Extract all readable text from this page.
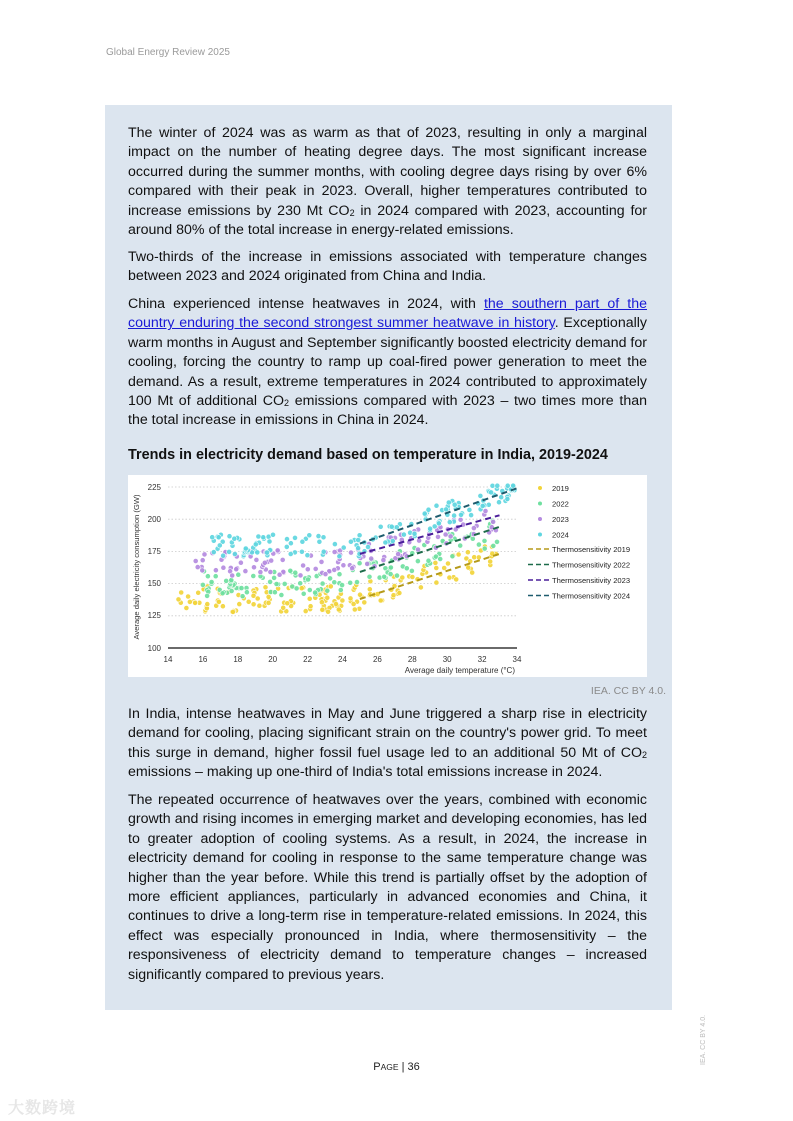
Global Energy Review 2025

The winter of 2024 was as warm as that of 2023, resulting in only a marginal impact on the number of heating degree days. The most significant increase occurred during the summer months, with cooling degree days rising by over 6% compared with their peak in 2023. Overall, higher temperatures contributed to increase emissions by 230 Mt $CO_2$ in 2024 compared with 2023, accounting for around 80% of the total increase in energy-related emissions.

Two-thirds of the increase in emissions associated with temperature changes between 2023 and 2024 originated from China and India.

China experienced intense heatwaves in 2024, with the southern part of the country enduring the second strongest summer heatwave in history. Exceptionally warm months in August and September significantly boosted electricity demand for cooling, forcing the country to ramp up coal-fired power generation to meet the demand. As a result, extreme temperatures in 2024 contributed to approximately 100 Mt of additional $CO_2$ emissions compared with 2023 – two times more than the total increase in emissions in China in 2024.

Trends in electricity demand based on temperature in India, 2019-2024
225
200
175
150
125
100
14	16	18	20	22	24	26	28	30	32	34
Average daily temperature (°C)
Average daily electricity consumption (GW)
2019
2022
2023
2024
Thermosensitivity 2019
Thermosensitivity 2022
Thermosensitivity 2023
Thermosensitivity 2024
IEA. CC BY 4.0.

In India, intense heatwaves in May and June triggered a sharp rise in electricity demand for cooling, placing significant strain on the country's power grid. To meet this surge in demand, higher fossil fuel usage led to an additional 50 Mt of $CO_2$ emissions – making up one-third of India's total emissions increase in 2024.

The repeated occurrence of heatwaves over the years, combined with economic growth and rising incomes in emerging market and developing economies, has led to greater adoption of cooling systems. As a result, in 2024, the increase in electricity demand for cooling in response to the same temperature change was higher than the year before. While this trend is partially offset by the adoption of more efficient appliances, particularly in advanced economies and China, it continues to drive a long-term rise in temperature-related emissions. In 2024, this effect was especially pronounced in India, where thermosensitivity – the responsiveness of electricity demand to temperature changes – increased significantly compared to previous years.

PAGE | 36
IEA. CC BY 4.0.
大数跨境
